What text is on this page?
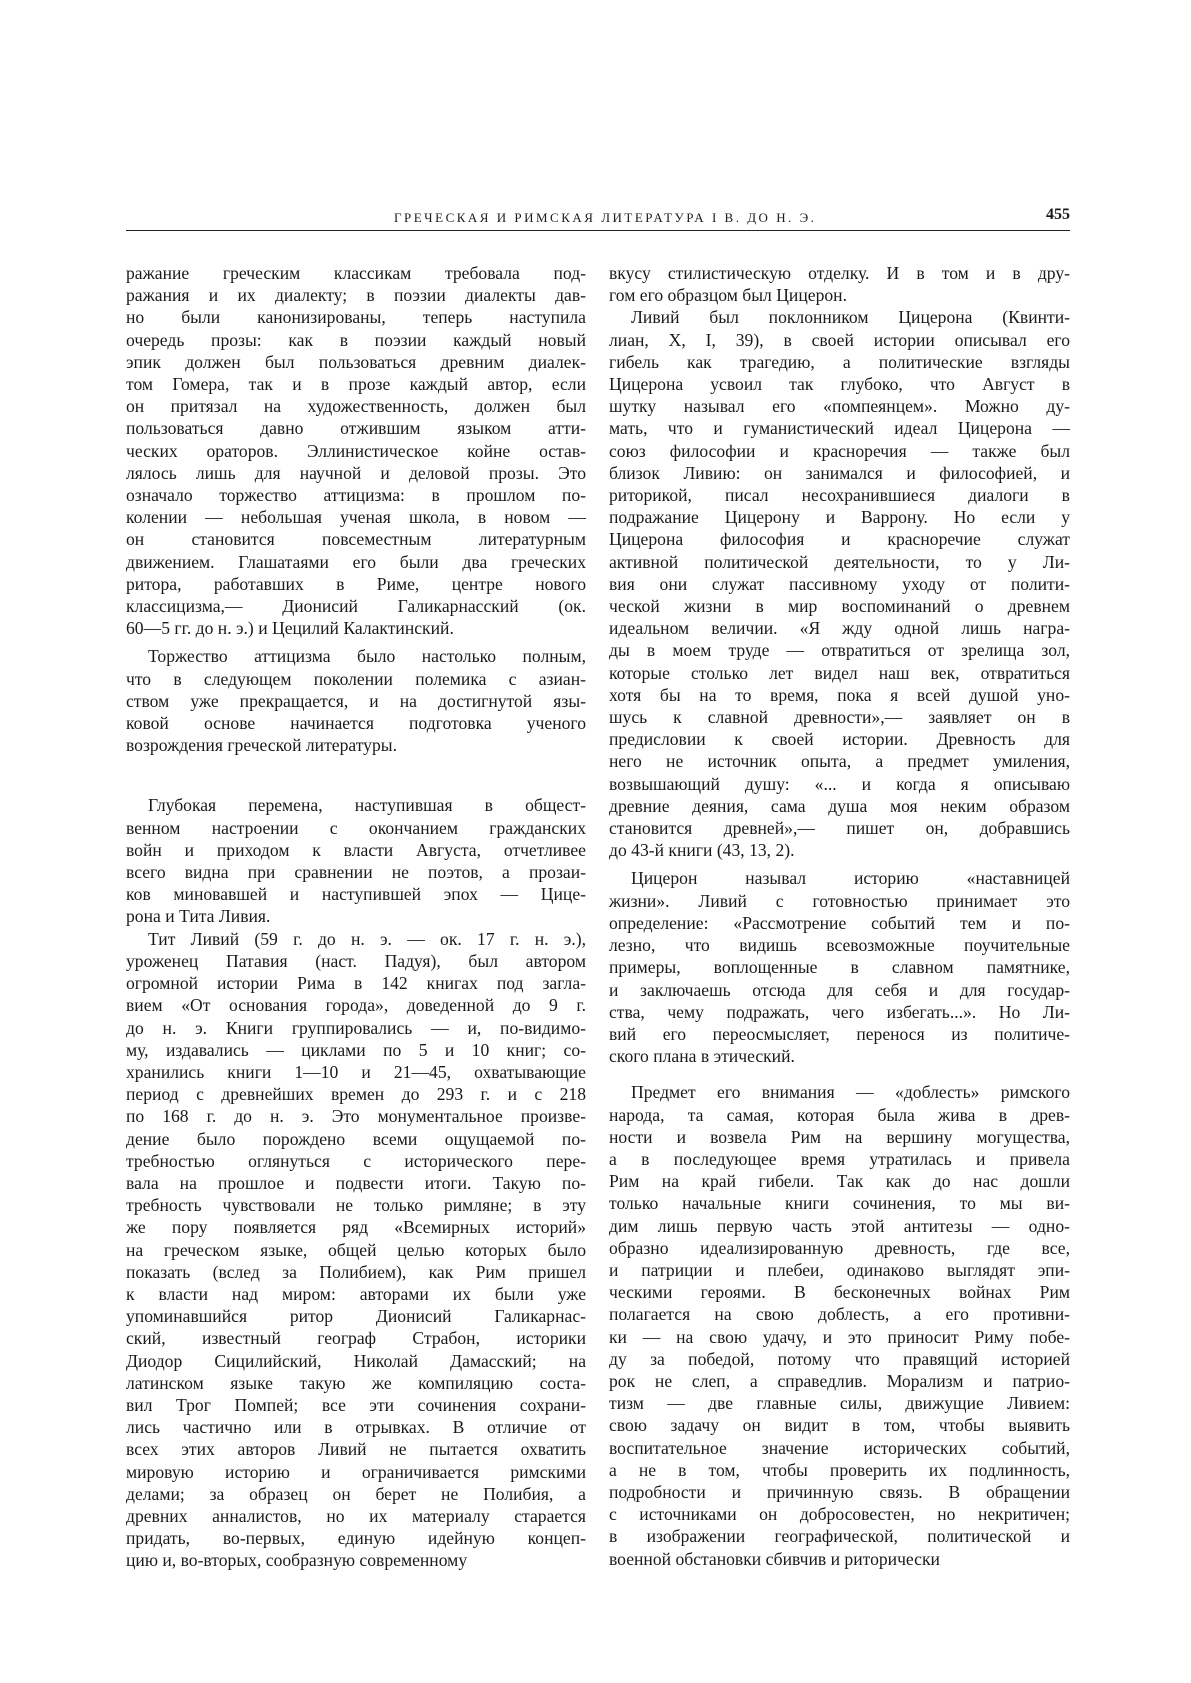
ГРЕЧЕСКАЯ И РИМСКАЯ ЛИТЕРАТУРА I В. ДО Н. Э.	455

ражание греческим классикам требовала под-
ражания и их диалекту; в поэзии диалекты дав-
но были канонизированы, теперь наступила
очередь прозы: как в поэзии каждый новый
эпик должен был пользоваться древним диалек-
том Гомера, так и в прозе каждый автор, если
он притязал на художественность, должен был
пользоваться давно отжившим языком атти-
ческих ораторов. Эллинистическое койне остав-
лялось лишь для научной и деловой прозы. Это
означало торжество аттицизма: в прошлом по-
колении — небольшая ученая школа, в новом —
он становится повсеместным литературным
движением. Глашатаями его были два греческих
ритора, работавших в Риме, центре нового
классицизма,— Дионисий Галикарнасский (ок.
60—5 гг. до н. э.) и Цецилий Калактинский.

Торжество аттицизма было настолько полным,
что в следующем поколении полемика с азиан-
ством уже прекращается, и на достигнутой язы-
ковой основе начинается подготовка ученого
возрождения греческой литературы.

Глубокая перемена, наступившая в общест-
венном настроении с окончанием гражданских
войн и приходом к власти Августа, отчетливее
всего видна при сравнении не поэтов, а прозаи-
ков миновавшей и наступившей эпох — Цице-
рона и Тита Ливия.

Тит Ливий (59 г. до н. э. — ок. 17 г. н. э.),
уроженец Патавия (наст. Падуя), был автором
огромной истории Рима в 142 книгах под заглa-
вием «От основания города», доведенной до 9 г.
до н. э. Книги группировались — и, по-видимо-
му, издавались — циклами по 5 и 10 книг; со-
хранились книги 1—10 и 21—45, охватывающие
период с древнейших времен до 293 г. и с 218
по 168 г. до н. э. Это монументальное произве-
дение было порождено всеми ощущаемой по-
требностью оглянуться с исторического пере-
вала на прошлое и подвести итоги. Такую по-
требность чувствовали не только римляне; в эту
же пору появляется ряд «Всемирных историй»
на греческом языке, общей целью которых было
показать (вслед за Полибием), как Рим пришел
к власти над миром: авторами их были уже
упоминавшийся ритор Дионисий Галикарнас-
ский, известный географ Страбон, историки
Диодор Сицилийский, Николай Дамасский; на
латинском языке такую же компиляцию соста-
вил Трог Помпей; все эти сочинения сохрани-
лись частично или в отрывках. В отличие от
всех этих авторов Ливий не пытается охватить
мировую историю и ограничивается римскими
делами; за образец он берет не Полибия, а
древних анналистов, но их материалу старается
придать, во-первых, единую идейную концеп-
цию и, во-вторых, сообразную современному

вкусу стилистическую отделку. И в том и в дру-
гом его образцом был Цицерон.

Ливий был поклонником Цицерона (Квинти-
лиан, X, I, 39), в своей истории описывал его
гибель как трагедию, а политические взгляды
Цицерона усвоил так глубоко, что Август в
шутку называл его «помпеянцем». Можно ду-
мать, что и гуманистический идеал Цицерона —
союз философии и красноречия — также был
близок Ливию: он занимался и философией, и
риторикой, писал несохранившиеся диалоги в
подражание Цицерону и Варрону. Но если у
Цицерона философия и красноречие служат
активной политической деятельности, то у Ли-
вия они служат пассивному уходу от полити-
ческой жизни в мир воспоминаний о древнем
идеальном величии. «Я жду одной лишь награ-
ды в моем труде — отвратиться от зрелища зол,
которые столько лет видел наш век, отвратиться
хотя бы на то время, пока я всей душой уно-
шусь к славной древности»,— заявляет он в
предисловии к своей истории. Древность для
него не источник опыта, а предмет умиления,
возвышающий душу: «... и когда я описываю
древние деяния, сама душа моя неким образом
становится древней»,— пишет он, добравшись
до 43-й книги (43, 13, 2).

Цицерон называл историю «наставницей
жизни». Ливий с готовностью принимает это
определение: «Рассмотрение событий тем и по-
лезно, что видишь всевозможные поучительные
примеры, воплощенные в славном памятнике,
и заключаешь отсюда для себя и для государ-
ства, чему подражать, чего избегать...». Но Ли-
вий его переосмысляет, перенося из политиче-
ского плана в этический.

Предмет его внимания — «доблесть» римского
народа, та самая, которая была жива в древ-
ности и возвела Рим на вершину могущества,
а в последующее время утратилась и привела
Рим на край гибели. Так как до нас дошли
только начальные книги сочинения, то мы ви-
дим лишь первую часть этой антитезы — одно-
образно идеализированную древность, где все,
и патриции и плебеи, одинаково выглядят эпи-
ческими героями. В бесконечных войнах Рим
полагается на свою доблесть, а его противни-
ки — на свою удачу, и это приносит Риму побе-
ду за победой, потому что правящий историей
рок не слеп, а справедлив. Морализм и патрио-
тизм — две главные силы, движущие Ливием:
свою задачу он видит в том, чтобы выявить
воспитательное значение исторических событий,
а не в том, чтобы проверить их подлинность,
подробности и причинную связь. В обращении
с источниками он добросовестен, но некритичен;
в изображении географической, политической и
военной обстановки сбивчив и риторически
